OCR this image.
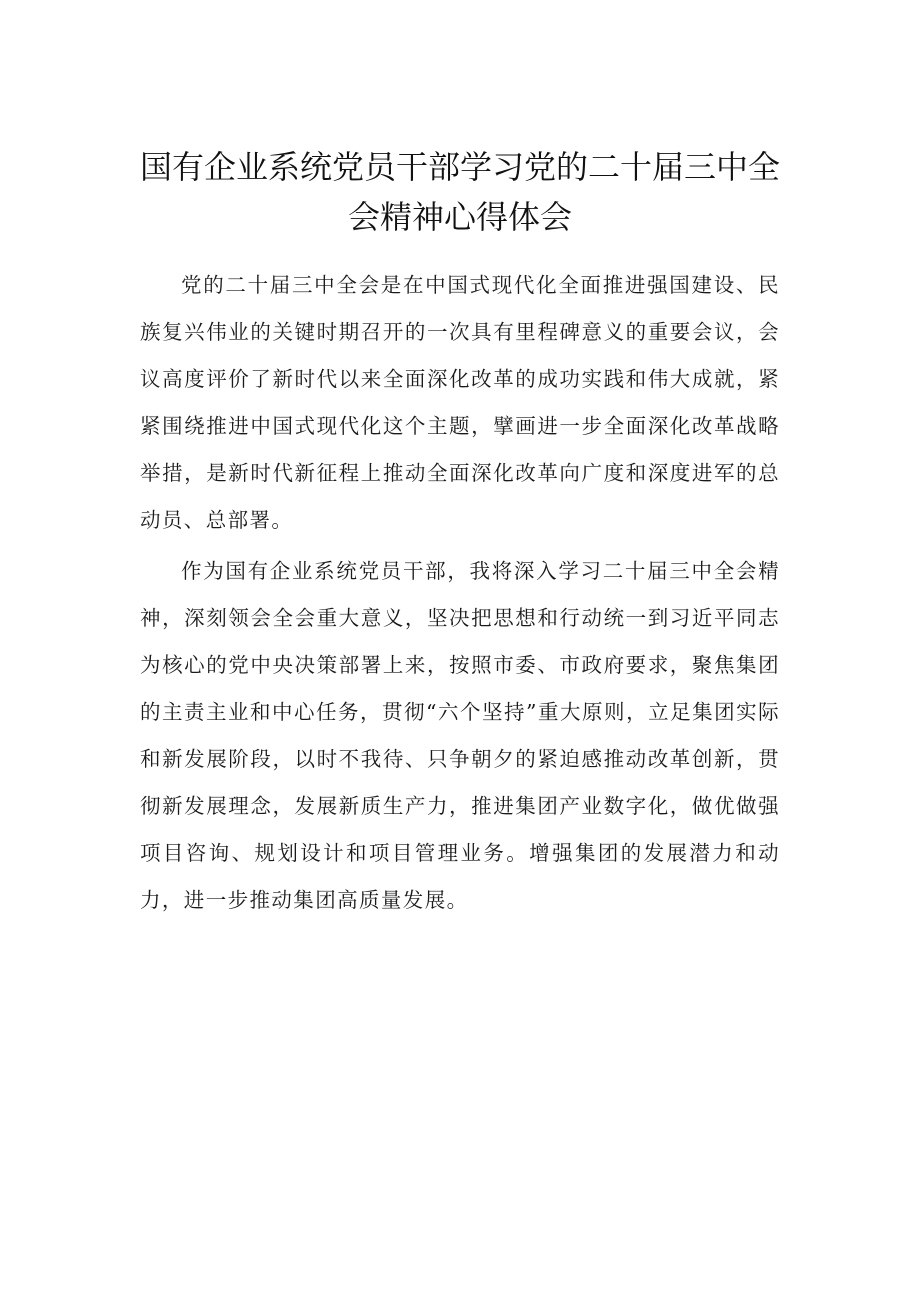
国有企业系统党员干部学习党的二十届三中全
会精神心得体会

党的二十届三中全会是在中国式现代化全面推进强国建设、民族复兴伟业的关键时期召开的一次具有里程碑意义的重要会议，会议高度评价了新时代以来全面深化改革的成功实践和伟大成就，紧紧围绕推进中国式现代化这个主题，擘画进一步全面深化改革战略举措，是新时代新征程上推动全面深化改革向广度和深度进军的总动员、总部署。

作为国有企业系统党员干部，我将深入学习二十届三中全会精神，深刻领会全会重大意义，坚决把思想和行动统一到习近平同志为核心的党中央决策部署上来，按照市委、市政府要求，聚焦集团的主责主业和中心任务，贯彻“六个坚持”重大原则，立足集团实际和新发展阶段，以时不我待、只争朝夕的紧迫感推动改革创新，贯彻新发展理念，发展新质生产力，推进集团产业数字化，做优做强项目咨询、规划设计和项目管理业务。增强集团的发展潜力和动力，进一步推动集团高质量发展。
